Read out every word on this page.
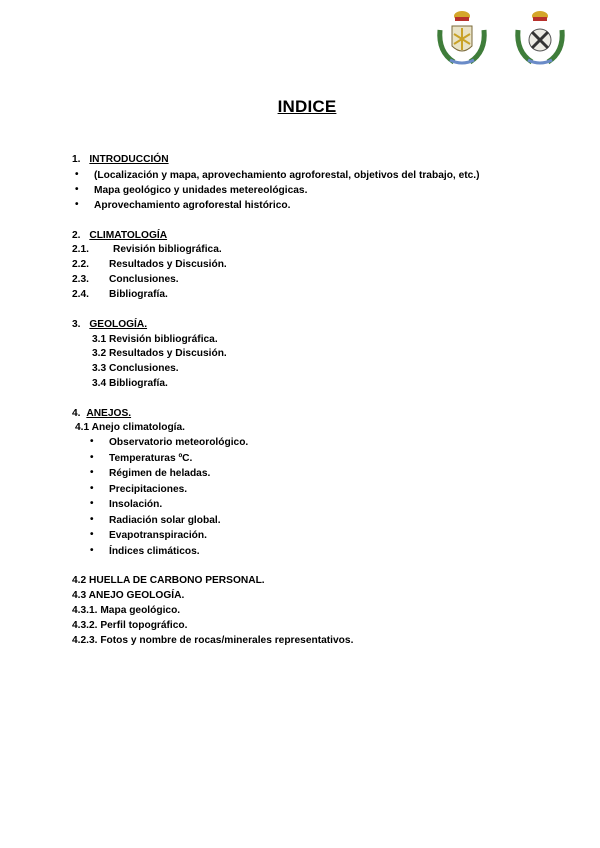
INDICE
1. INTRODUCCIÓN
• (Localización y mapa, aprovechamiento agroforestal, objetivos del trabajo, etc.)
• Mapa geológico y unidades metereológicas.
• Aprovechamiento agroforestal histórico.
2. CLIMATOLOGÍA
2.1. Revisión bibliográfica.
2.2. Resultados y Discusión.
2.3. Conclusiones.
2.4. Bibliografía.
3. GEOLOGÍA.
3.1 Revisión bibliográfica.
3.2 Resultados y Discusión.
3.3 Conclusiones.
3.4 Bibliografía.
4. ANEJOS.
4.1 Anejo climatología.
• Observatorio meteorológico.
• Temperaturas ºC.
• Régimen de heladas.
• Precipitaciones.
• Insolación.
• Radiación solar global.
• Evapotranspiración.
• Índices climáticos.
4.2 HUELLA DE CARBONO PERSONAL.
4.3 ANEJO GEOLOGÍA.
4.3.1. Mapa geológico.
4.3.2. Perfil topográfico.
4.2.3. Fotos y nombre de rocas/minerales representativos.
